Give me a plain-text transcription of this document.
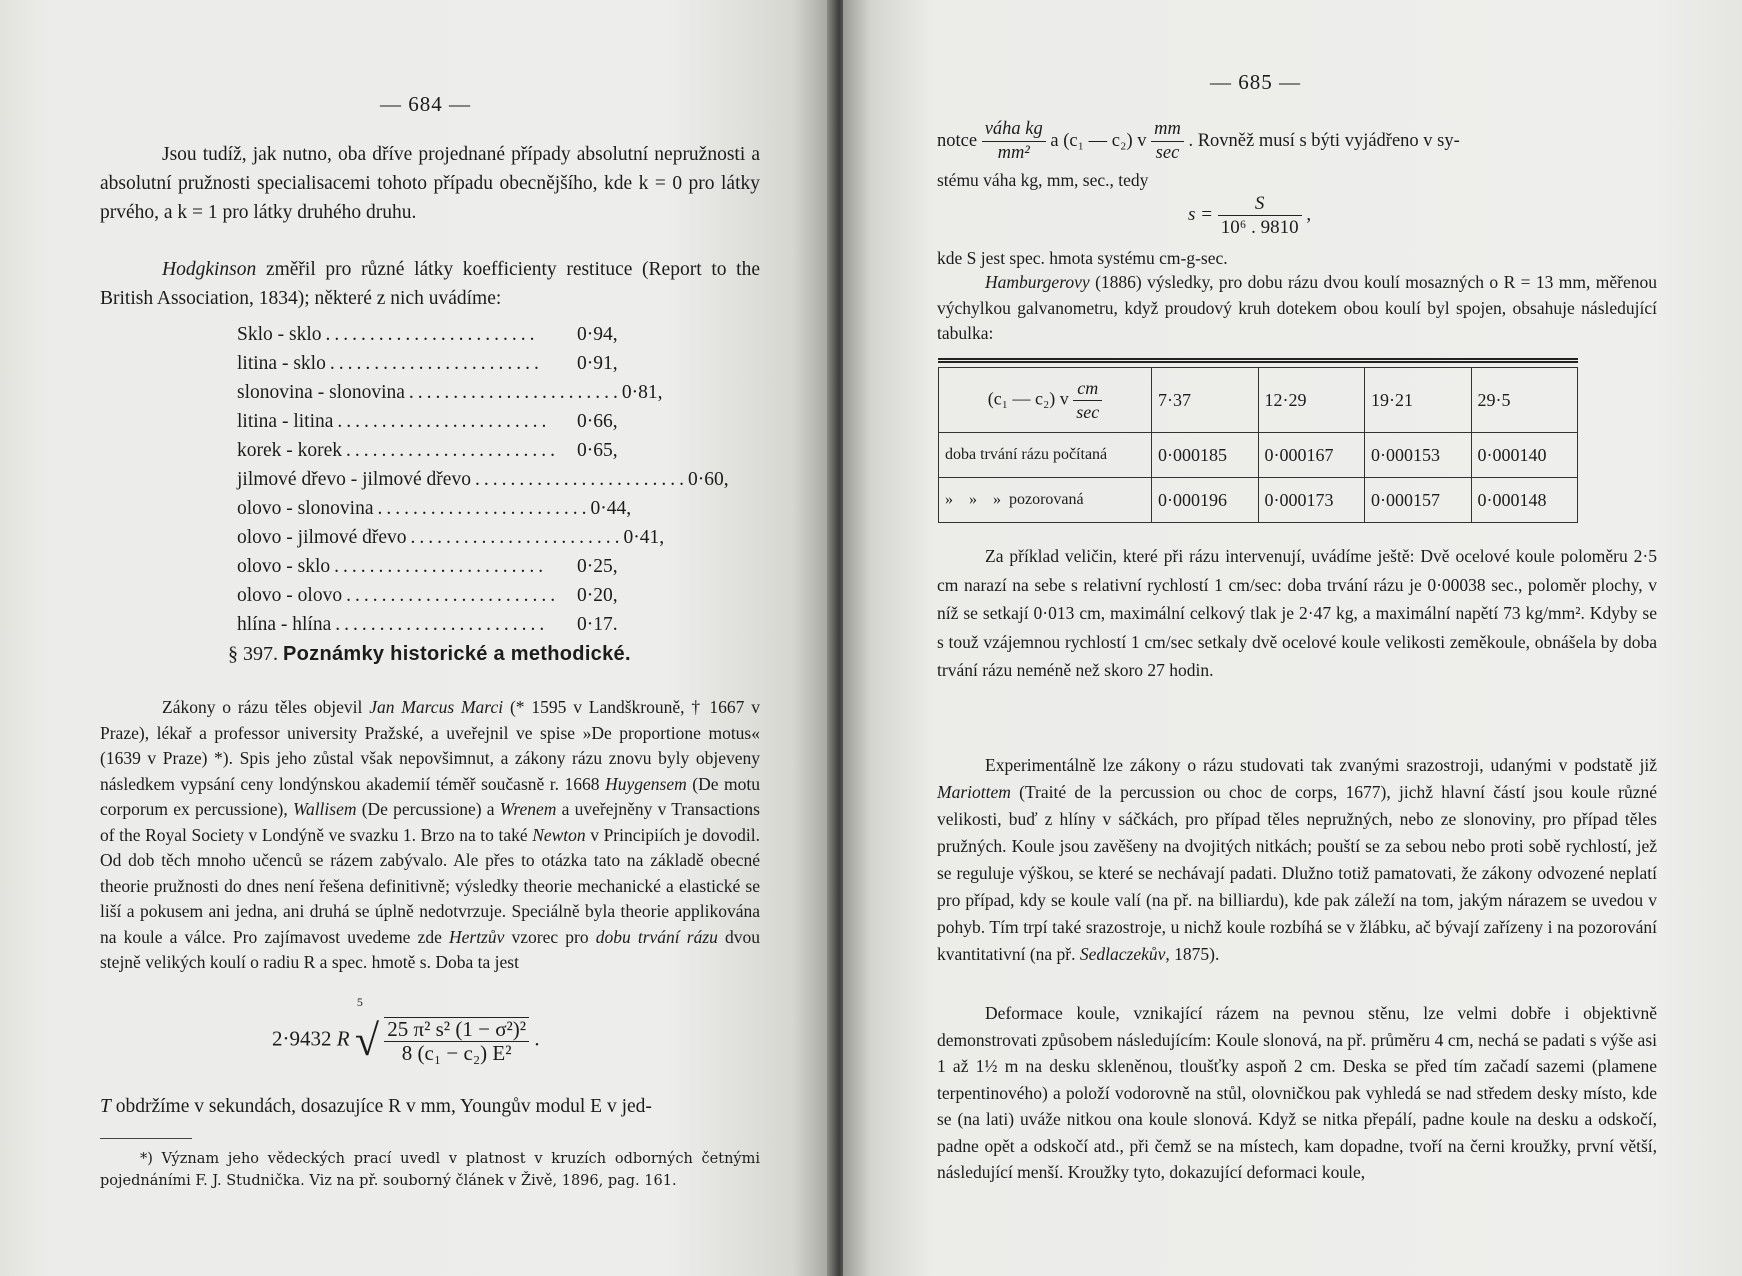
— 684 —

Jsou tudíž, jak nutno, oba dříve projednané případy absolutní nepružnosti a absolutní pružnosti specialisacemi tohoto případu obecnějšího, kde k = 0 pro látky prvého, a k = 1 pro látky druhého druhu.

Hodgkinson změřil pro různé látky koefficienty restituce (Report to the British Association, 1834); některé z nich uvádíme:

Sklo - sklo ........................	0·94,
litina - sklo ........................	0·91,
slonovina - slonovina ........................ 0·81,
litina - litina ........................	0·66,
korek - korek ........................ 0·65,
jilmové dřevo - jilmové dřevo ........................ 0·60,
olovo - slonovina ........................ 0·44,
olovo - jilmové dřevo ........................ 0·41,
olovo - sklo ........................	0·25,
olovo - olovo ........................ 0·20,
hlína - hlína ........................	0·17.
§ 397. Poznámky historické a methodické.

Zákony o rázu těles objevil Jan Marcus Marci (* 1595 v Landškrouně, † 1667 v Praze), lékař a professor university Pražské, a uveřejnil ve spise »De proportione motus« (1639 v Praze) *). Spis jeho zůstal však nepovšimnut, a zákony rázu znovu byly objeveny následkem vypsání ceny londýnskou akademií téměř současně r. 1668 Huygensem (De motu corporum ex percussione), Wallisem (De percussione) a Wrenem a uveřejněny v Transactions of the Royal Society v Londýně ve svazku 1. Brzo na to také Newton v Principiích je dovodil. Od dob těch mnoho učenců se rázem zabývalo. Ale přes to otázka tato na základě obecné theorie pružnosti do dnes není řešena definitivně; výsledky theorie mechanické a elastické se liší a pokusem ani jedna, ani druhá se úplně nedotvrzuje. Speciálně byla theorie applikována na koule a válce. Pro zajímavost uvedeme zde Hertzův vzorec pro dobu trvání rázu dvou stejně velikých koulí o radiu R a spec. hmotě s. Doba ta jest

2·9432 R
5
√ $\frac{\text{25 π² s² (1 − σ²)²}}{\text{8 (c₁ − c₂) E²}}$ .

T obdržíme v sekundách, dosazujíce R v mm, Youngův modul E v jed-

*) Význam jeho vědeckých prací uvedl v platnost v kruzích odborných četnými pojednáními F. J. Studnička. Viz na př. souborný článek v Živě, 1896, pag. 161.

— 685 —
notce $\frac{\text{váha kg}}{\text{mm²}}$ a (c₁ — c₂) v $\frac{mm}{\sec}$ . Rovněž musí s býti vyjádřeno v sy-

stému váha kg, mm, sec., tedy

$s = \frac{S}{\text{10⁶ . 9810}}$ ,

kde S jest spec. hmota systému cm-g-sec.

Hamburgerovy (1886) výsledky, pro dobu rázu dvou koulí mosazných o R = 13 mm, měřenou výchylkou galvanometru, když proudový kruh dotekem obou koulí byl spojen, obsahuje následující tabulka:

(c₁ — c₂) v $\frac{cm}{\sec}$	7·37	12·29	19·21	29·5
doba trvání rázu počítaná	0·000185	0·000167	0·000153	0·000140
»    »    »  pozorovaná	0·000196	0·000173	0·000157	0·000148

Za příklad veličin, které při rázu intervenují, uvádíme ještě: Dvě ocelové koule poloměru 2·5 cm narazí na sebe s relativní rychlostí 1 cm/sec: doba trvání rázu je 0·00038 sec., poloměr plochy, v níž se setkají 0·013 cm, maximální celkový tlak je 2·47 kg, a maximální napětí 73 kg/mm². Kdyby se s touž vzájemnou rychlostí 1 cm/sec setkaly dvě ocelové koule velikosti zeměkoule, obnášela by doba trvání rázu neméně než skoro 27 hodin.

Experimentálně lze zákony o rázu studovati tak zvanými srazostroji, udanými v podstatě již Mariottem (Traité de la percussion ou choc de corps, 1677), jichž hlavní částí jsou koule různé velikosti, buď z hlíny v sáčkách, pro případ těles nepružných, nebo ze slonoviny, pro případ těles pružných. Koule jsou zavěšeny na dvojitých nitkách; pouští se za sebou nebo proti sobě rychlostí, jež se reguluje výškou, se které se nechávají padati. Dlužno totiž pamatovati, že zákony odvozené neplatí pro případ, kdy se koule valí (na př. na billiardu), kde pak záleží na tom, jakým nárazem se uvedou v pohyb. Tím trpí také srazostroje, u nichž koule rozbíhá se v žlábku, ač bývají zařízeny i na pozorování kvantitativní (na př. Sedlaczekův, 1875).

Deformace koule, vznikající rázem na pevnou stěnu, lze velmi dobře i objektivně demonstrovati způsobem následujícím: Koule slonová, na př. průměru 4 cm, nechá se padati s výše asi 1 až 1½ m na desku skleněnou, tloušťky aspoň 2 cm. Deska se před tím začadí sazemi (plamene terpentinového) a položí vodorovně na stůl, olovničkou pak vyhledá se nad středem desky místo, kde se (na lati) uváže nitkou ona koule slonová. Když se nitka přepálí, padne koule na desku a odskočí, padne opět a odskočí atd., při čemž se na místech, kam dopadne, tvoří na černi kroužky, první větší, následující menší. Kroužky tyto, dokazující deformaci koule,
